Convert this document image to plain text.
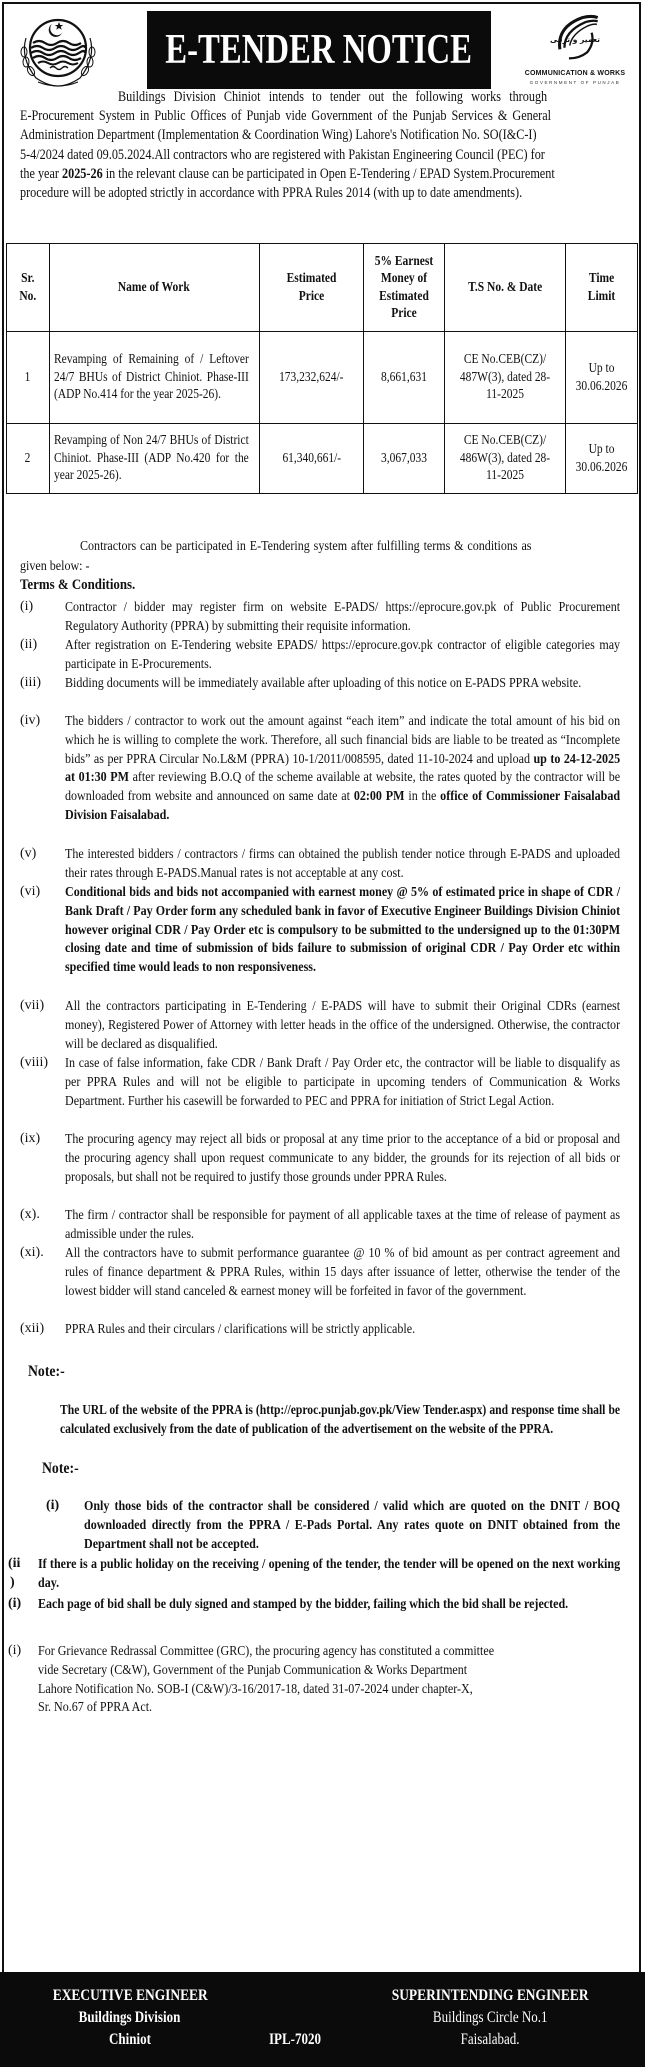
E-TENDER NOTICE	تعمیر و ترقی
COMMUNICATION & WORKS
GOVERNMENT OF PUNJAB
Buildings Division Chiniot intends to tender out the following works through
E-Procurement System in Public Offices of Punjab vide Government of the Punjab Services & General
Administration Department (Implementation & Coordination Wing) Lahore's Notification No. SO(I&C-I)
5-4/2024 dated 09.05.2024.All contractors who are registered with Pakistan Engineering Council (PEC) for
the year 2025-26 in the relevant clause can be participated in Open E-Tendering / EPAD System.Procurement
procedure will be adopted strictly in accordance with PPRA Rules 2014 (with up to date amendments).
Sr. No.	Name of Work	Estimated Price	5% Earnest Money of Estimated Price	T.S No. & Date	Time Limit
1	Revamping of Remaining of / Leftover 24/7 BHUs of District Chiniot. Phase-III (ADP No.414 for the year 2025-26).	173,232,624/-	8,661,631	CE No.CEB(CZ)/ 487W(3), dated 28-11-2025	Up to 30.06.2026
2	Revamping of Non 24/7 BHUs of District Chiniot. Phase-III (ADP No.420 for the year 2025-26).	61,340,661/-	3,067,033	CE No.CEB(CZ)/ 486W(3), dated 28-11-2025	Up to 30.06.2026
Contractors can be participated in E-Tendering system after fulfilling terms & conditions as
given below: -
Terms & Conditions.
(i)	Contractor / bidder may register firm on website E-PADS/ https://eprocure.gov.pk of Public Procurement Regulatory Authority (PPRA) by submitting their requisite information.
(ii)	After registration on E-Tendering website EPADS/ https://eprocure.gov.pk contractor of eligible categories may participate in E-Procurements.
(iii)	Bidding documents will be immediately available after uploading of this notice on E-PADS PPRA website.
(iv)	The bidders / contractor to work out the amount against “each item” and indicate the total amount of his bid on which he is willing to complete the work. Therefore, all such financial bids are liable to be treated as “Incomplete bids” as per PPRA Circular No.L&M (PPRA) 10-1/2011/008595, dated 11-10-2024 and upload up to 24-12-2025 at 01:30 PM after reviewing B.O.Q of the scheme available at website, the rates quoted by the contractor will be downloaded from website and announced on same date at 02:00 PM in the office of Commissioner Faisalabad Division Faisalabad.
(v)	The interested bidders / contractors / firms can obtained the publish tender notice through E-PADS and uploaded their rates through E-PADS.Manual rates is not acceptable at any cost.
(vi)	Conditional bids and bids not accompanied with earnest money @ 5% of estimated price in shape of CDR / Bank Draft / Pay Order form any scheduled bank in favor of Executive Engineer Buildings Division Chiniot however original CDR / Pay Order etc is compulsory to be submitted to the undersigned up to the 01:30PM closing date and time of submission of bids failure to submission of original CDR / Pay Order etc within specified time would leads to non responsiveness.
(vii)	All the contractors participating in E-Tendering / E-PADS will have to submit their Original CDRs (earnest money), Registered Power of Attorney with letter heads in the office of the undersigned. Otherwise, the contractor will be declared as disqualified.
(viii)	In case of false information, fake CDR / Bank Draft / Pay Order etc, the contractor will be liable to disqualify as per PPRA Rules and will not be eligible to participate in upcoming tenders of Communication & Works Department. Further his casewill be forwarded to PEC and PPRA for initiation of Strict Legal Action.
(ix)	The procuring agency may reject all bids or proposal at any time prior to the acceptance of a bid or proposal and the procuring agency shall upon request communicate to any bidder, the grounds for its rejection of all bids or proposals, but shall not be required to justify those grounds under PPRA Rules.
(x).	The firm / contractor shall be responsible for payment of all applicable taxes at the time of release of payment as admissible under the rules.
(xi).	All the contractors have to submit performance guarantee @ 10 % of bid amount as per contract agreement and rules of finance department & PPRA Rules, within 15 days after issuance of letter, otherwise the tender of the lowest bidder will stand canceled & earnest money will be forfeited in favor of the government.
(xii)	PPRA Rules and their circulars / clarifications will be strictly applicable.
Note:-
The URL of the website of the PPRA is (http://eproc.punjab.gov.pk/View Tender.aspx) and response time shall be calculated exclusively from the date of publication of the advertisement on the website of the PPRA.
Note:-
(i)	Only those bids of the contractor shall be considered / valid which are quoted on the DNIT / BOQ downloaded directly from the PPRA / E-Pads Portal. Any rates quote on DNIT obtained from the Department shall not be accepted.
(ii
)
If there is a public holiday on the receiving / opening of the tender, the tender will be opened on the next working day.
(i)	Each page of bid shall be duly signed and stamped by the bidder, failing which the bid shall be rejected.
(i)	For Grievance Redrassal Committee (GRC), the procuring agency has constituted a committee
vide Secretary (C&W), Government of the Punjab Communication & Works Department
Lahore Notification No. SOB-I (C&W)/3-16/2017-18, dated 31-07-2024 under chapter-X,
Sr. No.67 of PPRA Act.
EXECUTIVE ENGINEER
Buildings Division
Chiniot	IPL-7020
SUPERINTENDING ENGINEER
Buildings Circle No.1
Faisalabad.
